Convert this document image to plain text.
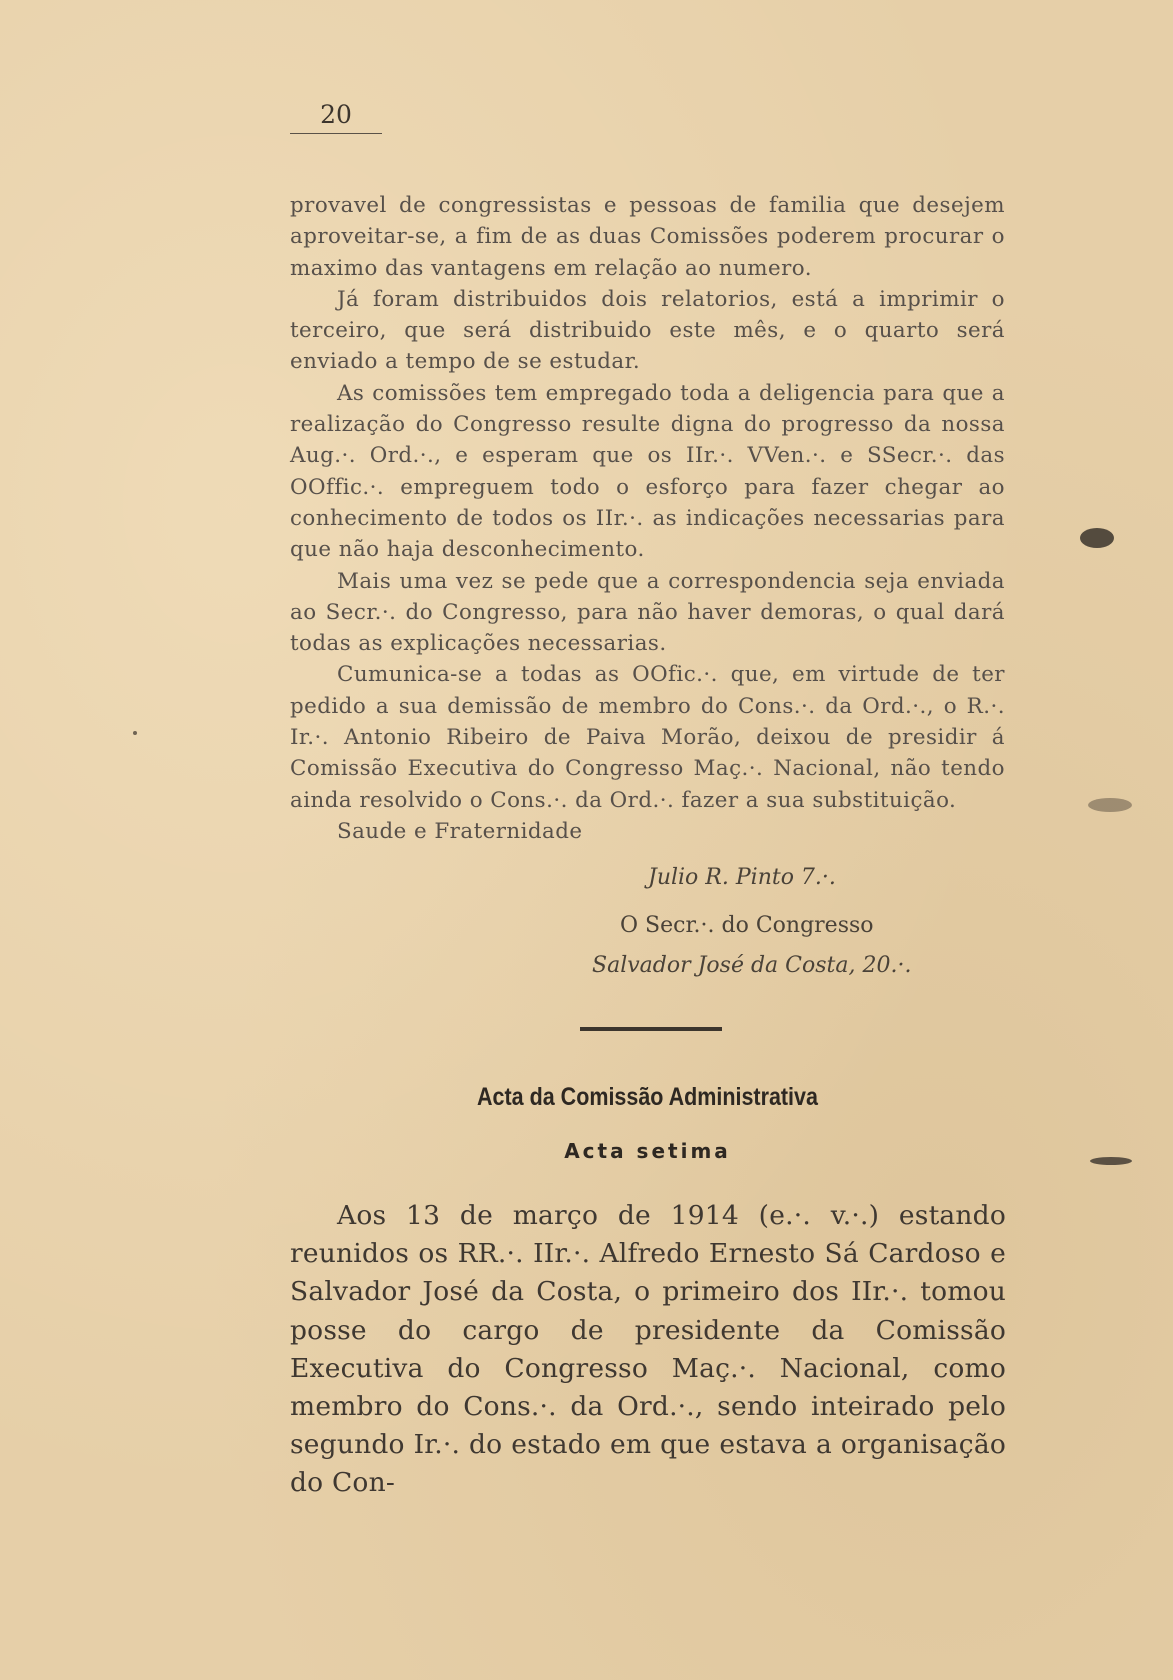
20

provavel de congressistas e pessoas de familia que desejem aproveitar-se, a fim de as duas Comissões poderem procurar o maximo das vantagens em relação ao numero.

Já foram distribuidos dois relatorios, está a imprimir o terceiro, que será distribuido este mês, e o quarto será enviado a tempo de se estudar.

As comissões tem empregado toda a deligencia para que a realização do Congresso resulte digna do progresso da nossa Aug.·. Ord.·., e esperam que os IIr.·. VVen.·. e SSecr.·. das OOffic.·. empreguem todo o esforço para fazer chegar ao conhecimento de todos os IIr.·. as indicações necessarias para que não haja desconhecimento.

Mais uma vez se pede que a correspondencia seja enviada ao Secr.·. do Congresso, para não haver demoras, o qual dará todas as explicações necessarias.

Cumunica-se a todas as OOfic.·. que, em virtude de ter pedido a sua demissão de membro do Cons.·. da Ord.·., o R.·. Ir.·. Antonio Ribeiro de Paiva Morão, deixou de presidir á Comissão Executiva do Congresso Maç.·. Nacional, não tendo ainda resolvido o Cons.·. da Ord.·. fazer a sua substituição.

Saude e Fraternidade

Julio R. Pinto 7.·.
O Secr.·. do Congresso
Salvador José da Costa, 20.·.
Acta da Comissão Administrativa
Acta setima

Aos 13 de março de 1914 (e.·. v.·.) estando reunidos os RR.·. IIr.·. Alfredo Ernesto Sá Cardoso e Salvador José da Costa, o primeiro dos IIr.·. tomou posse do cargo de presidente da Comissão Executiva do Congresso Maç.·. Nacional, como membro do Cons.·. da Ord.·., sendo inteirado pelo segundo Ir.·. do estado em que estava a organisação do Con-
